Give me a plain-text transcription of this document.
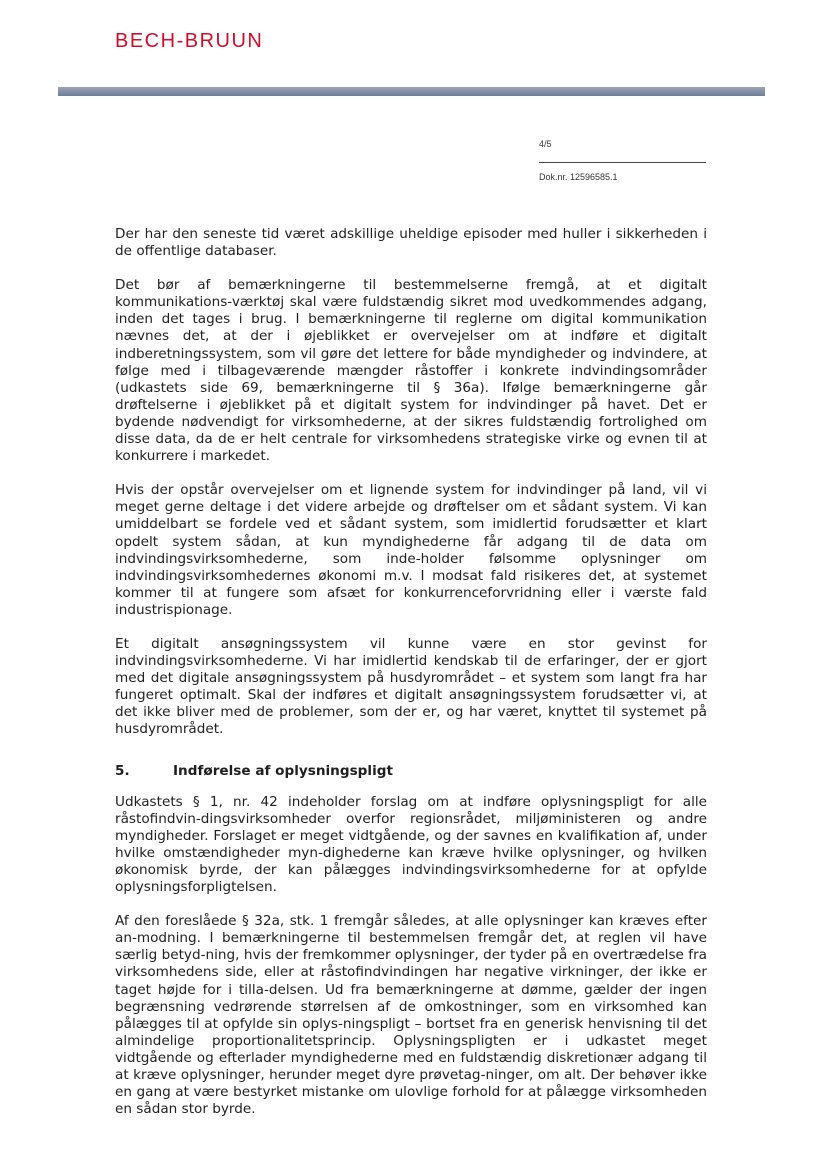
BECH-BRUUN
4/5
Dok.nr. 12596585.1

Der har den seneste tid været adskillige uheldige episoder med huller i sikkerheden i de offentlige databaser.

Det bør af bemærkningerne til bestemmelserne fremgå, at et digitalt kommunikations-værktøj skal være fuldstændig sikret mod uvedkommendes adgang, inden det tages i brug. I bemærkningerne til reglerne om digital kommunikation nævnes det, at der i øjeblikket er overvejelser om at indføre et digitalt indberetningssystem, som vil gøre det lettere for både myndigheder og indvindere, at følge med i tilbageværende mængder råstoffer i konkrete indvindingsområder (udkastets side 69, bemærkningerne til § 36a). Ifølge bemærkningerne går drøftelserne i øjeblikket på et digitalt system for indvindinger på havet. Det er bydende nødvendigt for virksomhederne, at der sikres fuldstændig fortrolighed om disse data, da de er helt centrale for virksomhedens strategiske virke og evnen til at konkurrere i markedet.

Hvis der opstår overvejelser om et lignende system for indvindinger på land, vil vi meget gerne deltage i det videre arbejde og drøftelser om et sådant system. Vi kan umiddelbart se fordele ved et sådant system, som imidlertid forudsætter et klart opdelt system sådan, at kun myndighederne får adgang til de data om indvindingsvirksomhederne, som inde-holder følsomme oplysninger om indvindingsvirksomhedernes økonomi m.v. I modsat fald risikeres det, at systemet kommer til at fungere som afsæt for konkurrenceforvridning eller i værste fald industrispionage.

Et digitalt ansøgningssystem vil kunne være en stor gevinst for indvindingsvirksomhederne. Vi har imidlertid kendskab til de erfaringer, der er gjort med det digitale ansøgningssystem på husdyrområdet – et system som langt fra har fungeret optimalt. Skal der indføres et digitalt ansøgningssystem forudsætter vi, at det ikke bliver med de problemer, som der er, og har været, knyttet til systemet på husdyrområdet.

5.	Indførelse af oplysningspligt

Udkastets § 1, nr. 42 indeholder forslag om at indføre oplysningspligt for alle råstofindvin-dingsvirksomheder overfor regionsrådet, miljøministeren og andre myndigheder. Forslaget er meget vidtgående, og der savnes en kvalifikation af, under hvilke omstændigheder myn-dighederne kan kræve hvilke oplysninger, og hvilken økonomisk byrde, der kan pålægges indvindingsvirksomhederne for at opfylde oplysningsforpligtelsen.

Af den foreslåede § 32a, stk. 1 fremgår således, at alle oplysninger kan kræves efter an-modning. I bemærkningerne til bestemmelsen fremgår det, at reglen vil have særlig betyd-ning, hvis der fremkommer oplysninger, der tyder på en overtrædelse fra virksomhedens side, eller at råstofindvindingen har negative virkninger, der ikke er taget højde for i tilla-delsen. Ud fra bemærkningerne at dømme, gælder der ingen begrænsning vedrørende størrelsen af de omkostninger, som en virksomhed kan pålægges til at opfylde sin oplys-ningspligt – bortset fra en generisk henvisning til det almindelige proportionalitetsprincip. Oplysningspligten er i udkastet meget vidtgående og efterlader myndighederne med en fuldstændig diskretionær adgang til at kræve oplysninger, herunder meget dyre prøvetag-ninger, om alt. Der behøver ikke en gang at være bestyrket mistanke om ulovlige forhold for at pålægge virksomheden en sådan stor byrde.
